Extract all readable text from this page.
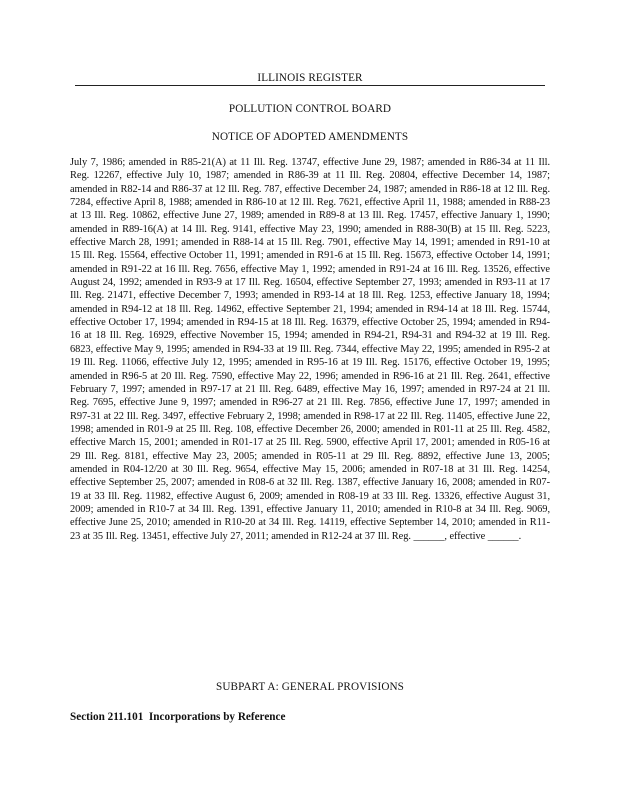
ILLINOIS REGISTER
POLLUTION CONTROL BOARD
NOTICE OF ADOPTED AMENDMENTS

July 7, 1986; amended in R85-21(A) at 11 Ill. Reg. 13747, effective June 29, 1987; amended in R86-34 at 11 Ill. Reg. 12267, effective July 10, 1987; amended in R86-39 at 11 Ill. Reg. 20804, effective December 14, 1987; amended in R82-14 and R86-37 at 12 Ill. Reg. 787, effective December 24, 1987; amended in R86-18 at 12 Ill. Reg. 7284, effective April 8, 1988; amended in R86-10 at 12 Ill. Reg. 7621, effective April 11, 1988; amended in R88-23 at 13 Ill. Reg. 10862, effective June 27, 1989; amended in R89-8 at 13 Ill. Reg. 17457, effective January 1, 1990; amended in R89-16(A) at 14 Ill. Reg. 9141, effective May 23, 1990; amended in R88-30(B) at 15 Ill. Reg. 5223, effective March 28, 1991; amended in R88-14 at 15 Ill. Reg. 7901, effective May 14, 1991; amended in R91-10 at 15 Ill. Reg. 15564, effective October 11, 1991; amended in R91-6 at 15 Ill. Reg. 15673, effective October 14, 1991; amended in R91-22 at 16 Ill. Reg. 7656, effective May 1, 1992; amended in R91-24 at 16 Ill. Reg. 13526, effective August 24, 1992; amended in R93-9 at 17 Ill. Reg. 16504, effective September 27, 1993; amended in R93-11 at 17 Ill. Reg. 21471, effective December 7, 1993; amended in R93-14 at 18 Ill. Reg. 1253, effective January 18, 1994; amended in R94-12 at 18 Ill. Reg. 14962, effective September 21, 1994; amended in R94-14 at 18 Ill. Reg. 15744, effective October 17, 1994; amended in R94-15 at 18 Ill. Reg. 16379, effective October 25, 1994; amended in R94-16 at 18 Ill. Reg. 16929, effective November 15, 1994; amended in R94-21, R94-31 and R94-32 at 19 Ill. Reg. 6823, effective May 9, 1995; amended in R94-33 at 19 Ill. Reg. 7344, effective May 22, 1995; amended in R95-2 at 19 Ill. Reg. 11066, effective July 12, 1995; amended in R95-16 at 19 Ill. Reg. 15176, effective October 19, 1995; amended in R96-5 at 20 Ill. Reg. 7590, effective May 22, 1996; amended in R96-16 at 21 Ill. Reg. 2641, effective February 7, 1997; amended in R97-17 at 21 Ill. Reg. 6489, effective May 16, 1997; amended in R97-24 at 21 Ill. Reg. 7695, effective June 9, 1997; amended in R96-27 at 21 Ill. Reg. 7856, effective June 17, 1997; amended in R97-31 at 22 Ill. Reg. 3497, effective February 2, 1998; amended in R98-17 at 22 Ill. Reg. 11405, effective June 22, 1998; amended in R01-9 at 25 Ill. Reg. 108, effective December 26, 2000; amended in R01-11 at 25 Ill. Reg. 4582, effective March 15, 2001; amended in R01-17 at 25 Ill. Reg. 5900, effective April 17, 2001; amended in R05-16 at 29 Ill. Reg. 8181, effective May 23, 2005; amended in R05-11 at 29 Ill. Reg. 8892, effective June 13, 2005; amended in R04-12/20 at 30 Ill. Reg. 9654, effective May 15, 2006; amended in R07-18 at 31 Ill. Reg. 14254, effective September 25, 2007; amended in R08-6 at 32 Ill. Reg. 1387, effective January 16, 2008; amended in R07-19 at 33 Ill. Reg. 11982, effective August 6, 2009; amended in R08-19 at 33 Ill. Reg. 13326, effective August 31, 2009; amended in R10-7 at 34 Ill. Reg. 1391, effective January 11, 2010; amended in R10-8 at 34 Ill. Reg. 9069, effective June 25, 2010; amended in R10-20 at 34 Ill. Reg. 14119, effective September 14, 2010; amended in R11-23 at 35 Ill. Reg. 13451, effective July 27, 2011; amended in R12-24 at 37 Ill. Reg. ______, effective ______.

SUBPART A: GENERAL PROVISIONS
Section 211.101  Incorporations by Reference
